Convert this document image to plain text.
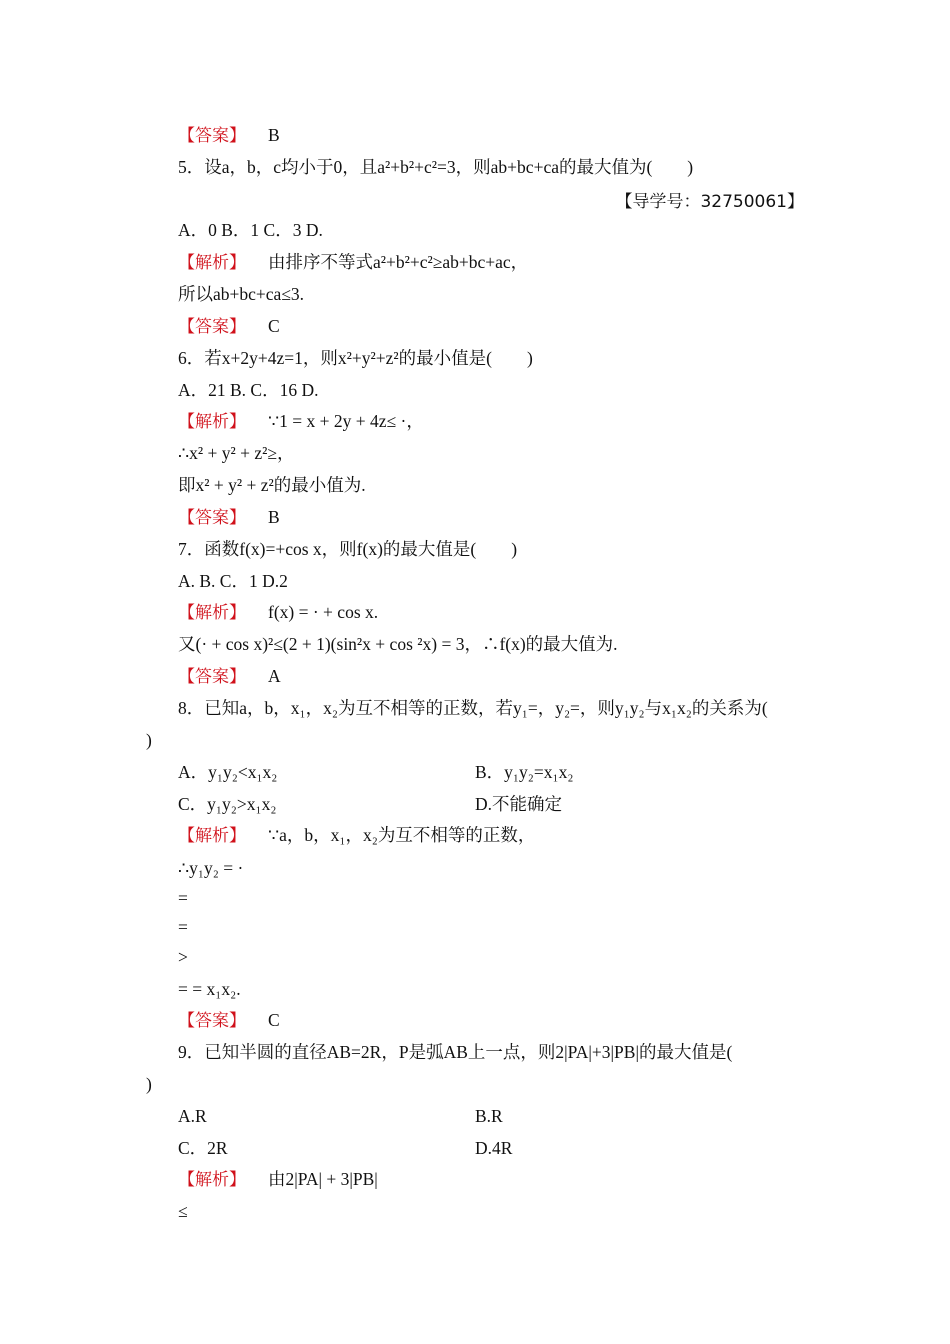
【答案】 B
5．设a，b，c均小于0，且a²+b²+c²=3，则ab+bc+ca的最大值为(　　)
【导学号：32750061】
A．0 B．1 C．3 D.
【解析】 由排序不等式a²+b²+c²≥ab+bc+ac，
所以ab+bc+ca≤3.
【答案】 C
6．若x+2y+4z=1，则x²+y²+z²的最小值是(　　)
A．21 B. C．16 D.
【解析】 ∵1 = x + 2y + 4z≤ ·，
∴x² + y² + z²≥，
即x² + y² + z²的最小值为.
【答案】 B
7．函数f(x)=+cos x，则f(x)的最大值是(　　)
A. B. C．1 D.2
【解析】 f(x) = · + cos x.
又(· + cos x)²≤(2 + 1)(sin²x + cos ²x) = 3，∴f(x)的最大值为.
【答案】 A
8．已知a，b，x₁，x₂为互不相等的正数，若y₁=，y₂=，则y₁y₂与x₁x₂的关系为(
)
A．y₁y₂<x₁x₂	B．y₁y₂=x₁x₂
C．y₁y₂>x₁x₂	D.不能确定
【解析】 ∵a，b，x₁，x₂为互不相等的正数，
∴y₁y₂ = ·
=
=
>
= = x₁x₂.
【答案】 C
9．已知半圆的直径AB=2R，P是弧AB上一点，则2|PA|+3|PB|的最大值是(
)
A.R	B.R
C．2R	D.4R
【解析】 由2|PA| + 3|PB|
≤
